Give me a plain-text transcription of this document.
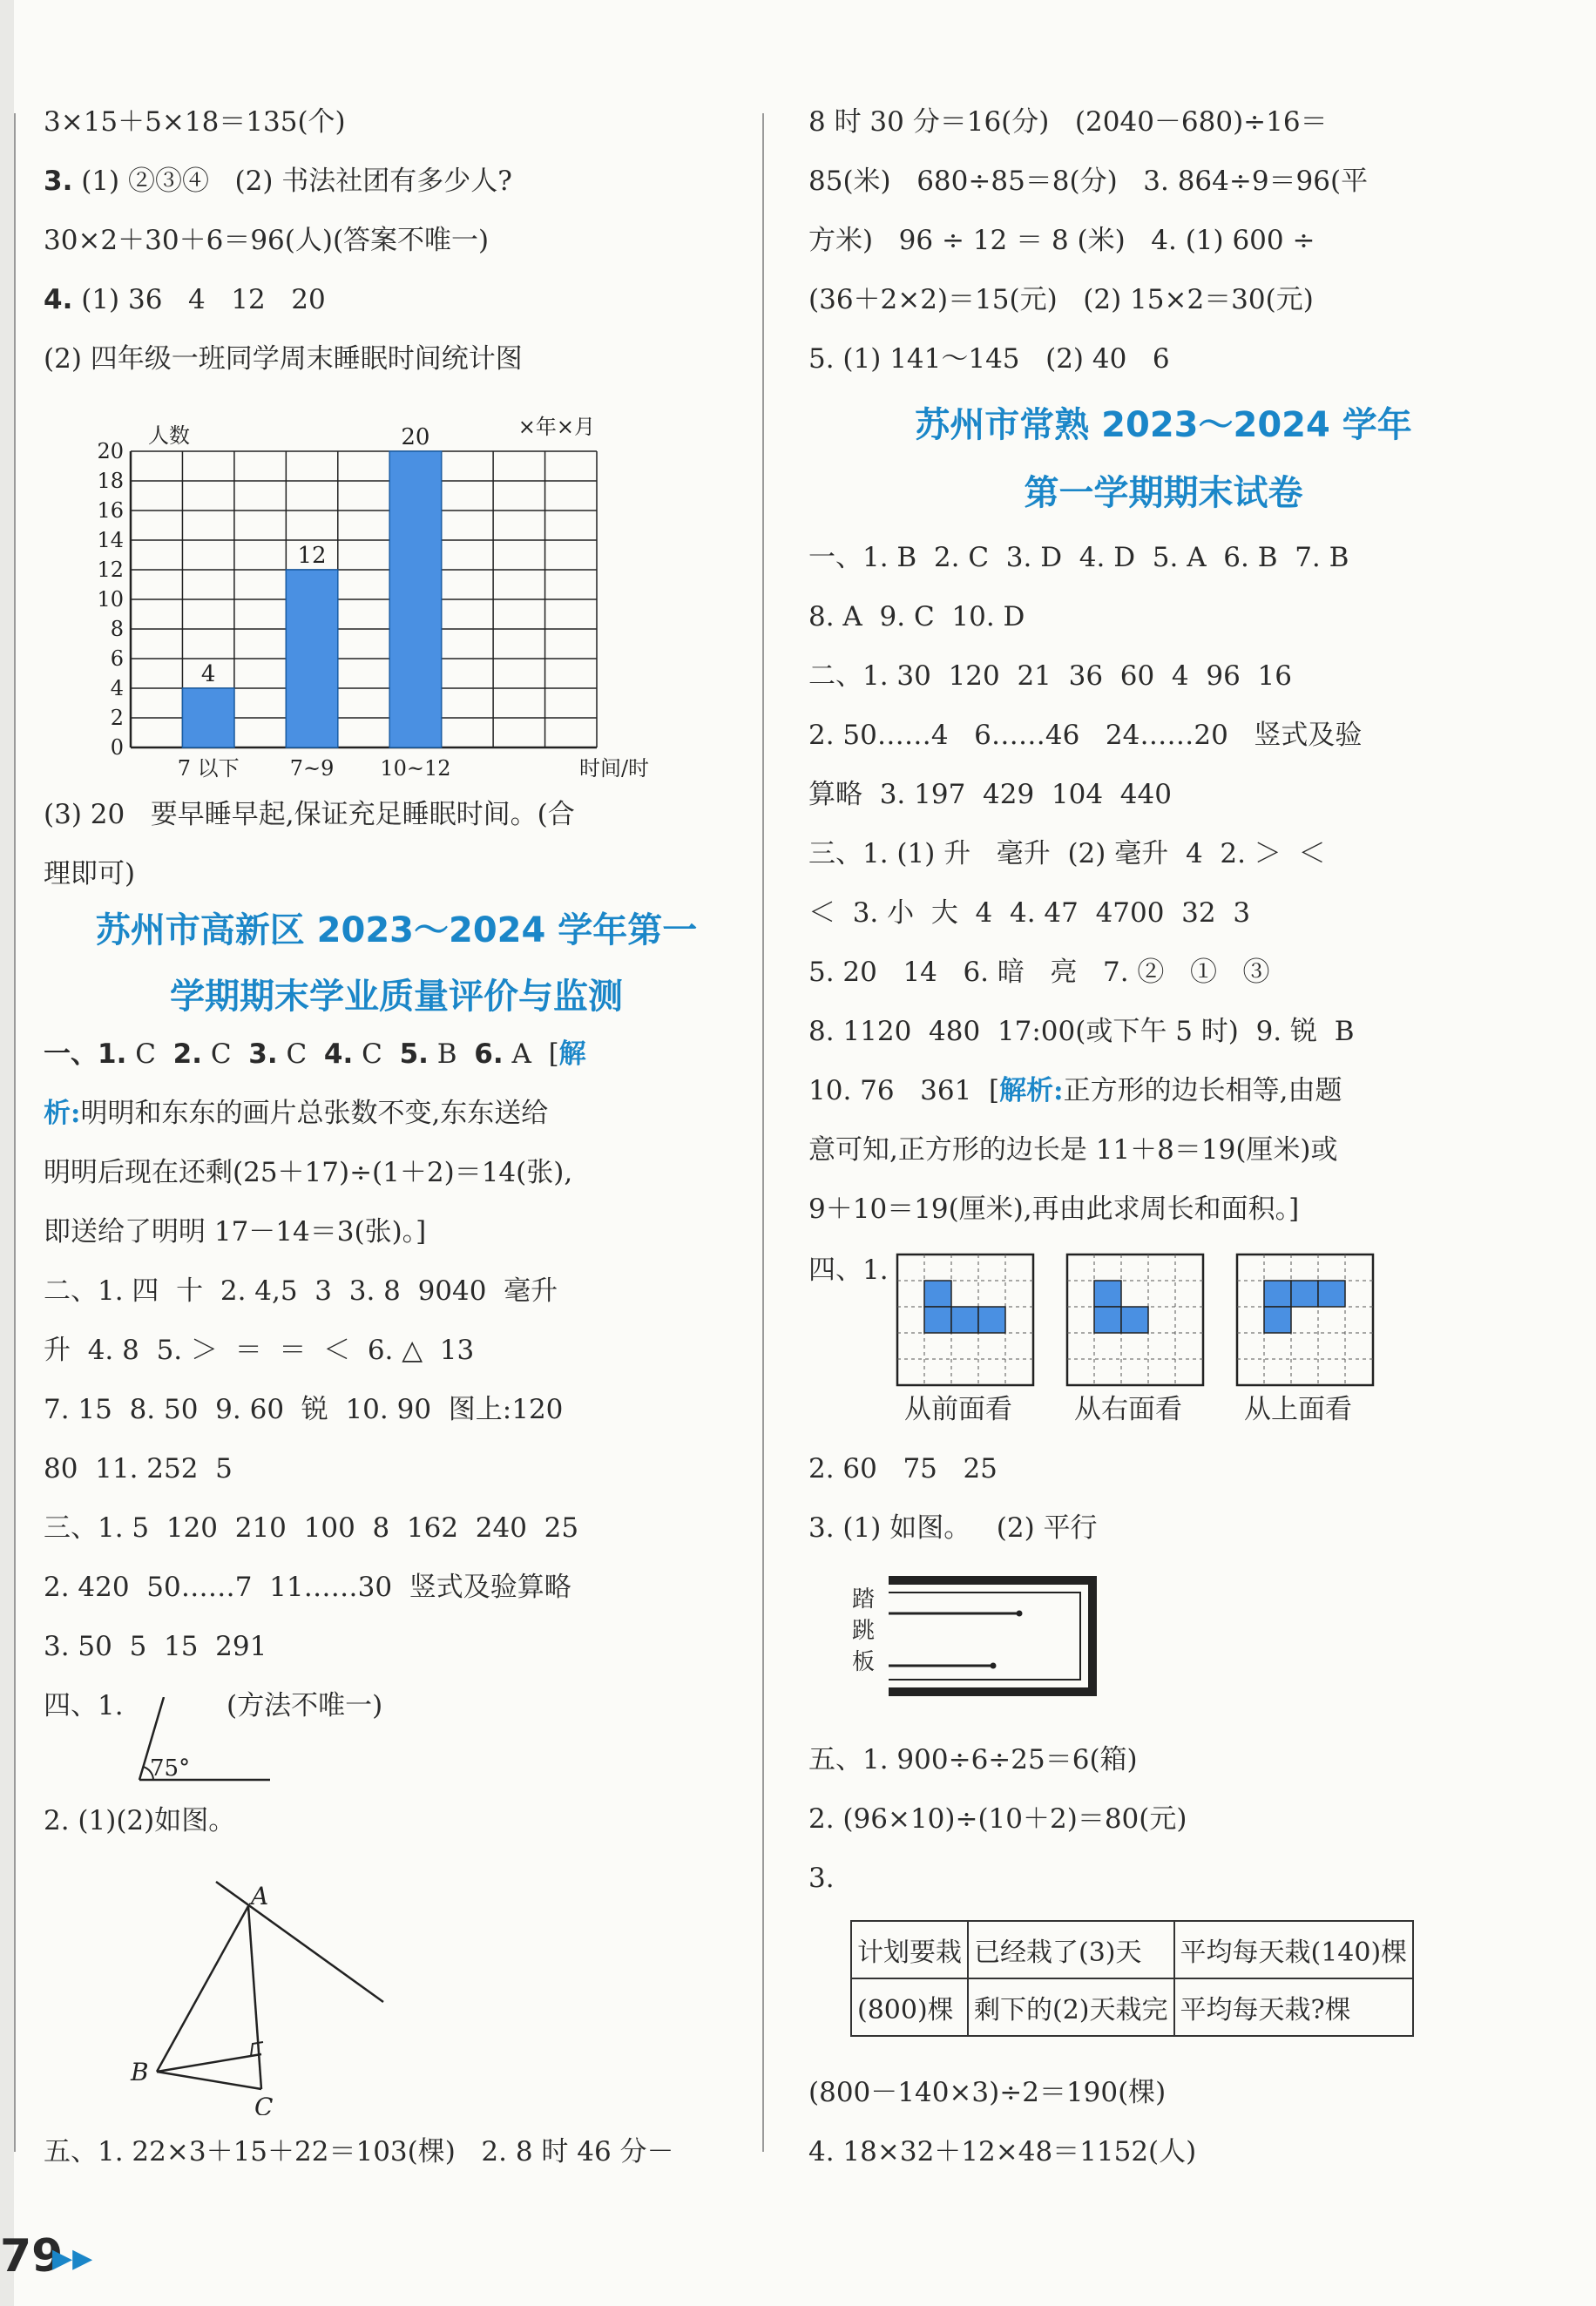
3×15＋5×18＝135(个)
3. (1) ②③④   (2) 书法社团有多少人?
30×2＋30＋6＝96(人)(答案不唯一)
4. (1) 36   4   12   20
(2) 四年级一班同学周末睡眠时间统计图
0
2
4
6
8
10
12
14
16
18
20
4
7 以下
12
7~9
20
10~12
人数	×年×月
时间/时
(3) 20   要早睡早起,保证充足睡眠时间。(合
理即可)
苏州市高新区 2023～2024 学年第一
学期期末学业质量评价与监测
一、1. C  2. C  3. C  4. C  5. B  6. A  [解
析:明明和东东的画片总张数不变,东东送给
明明后现在还剩(25＋17)÷(1＋2)＝14(张),
即送给了明明 17－14＝3(张)。]
二、1. 四  十  2. 4,5  3  3. 8  9040  毫升
升  4. 8  5. ＞  ＝  ＝  ＜  6. △  13
7. 15  8. 50  9. 60  锐  10. 90  图上:120
80  11. 252  5
三、1. 5  120  210  100  8  162  240  25
2. 420  50……7  11……30  竖式及验算略
3. 50  5  15  291
四、1.	(方法不唯一)
75°
2. (1)(2)如图。
A
B
C
五、1. 22×3＋15＋22＝103(棵)   2. 8 时 46 分－
8 时 30 分＝16(分)   (2040－680)÷16＝
85(米)   680÷85＝8(分)   3. 864÷9＝96(平
方米)   96 ÷ 12 ＝ 8 (米)   4. (1) 600 ÷
(36＋2×2)＝15(元)   (2) 15×2＝30(元)
5. (1) 141～145   (2) 40   6
苏州市常熟 2023～2024 学年
第一学期期末试卷
一、1. B  2. C  3. D  4. D  5. A  6. B  7. B
8. A  9. C  10. D
二、1. 30  120  21  36  60  4  96  16
2. 50……4   6……46   24……20   竖式及验
算略  3. 197  429  104  440
三、1. (1) 升   毫升  (2) 毫升  4  2. ＞  ＜
＜  3. 小  大  4  4. 47  4700  32  3
5. 20   14   6. 暗   亮   7. ②   ①   ③
8. 1120  480  17:00(或下午 5 时)  9. 锐  B
10. 76   361  [解析:正方形的边长相等,由题
意可知,正方形的边长是 11＋8＝19(厘米)或
9＋10＝19(厘米),再由此求周长和面积。]
四、1.
从前面看	从右面看	从上面看
2. 60   75   25
3. (1) 如图。   (2) 平行
踏
跳
板
五、1. 900÷6÷25＝6(箱)
2. (96×10)÷(10＋2)＝80(元)
3.
计划要栽	已经栽了(3)天	平均每天栽(140)棵
(800)棵	剩下的(2)天栽完	平均每天栽?棵
(800－140×3)÷2＝190(棵)
4. 18×32＋12×48＝1152(人)
79
▶▶
